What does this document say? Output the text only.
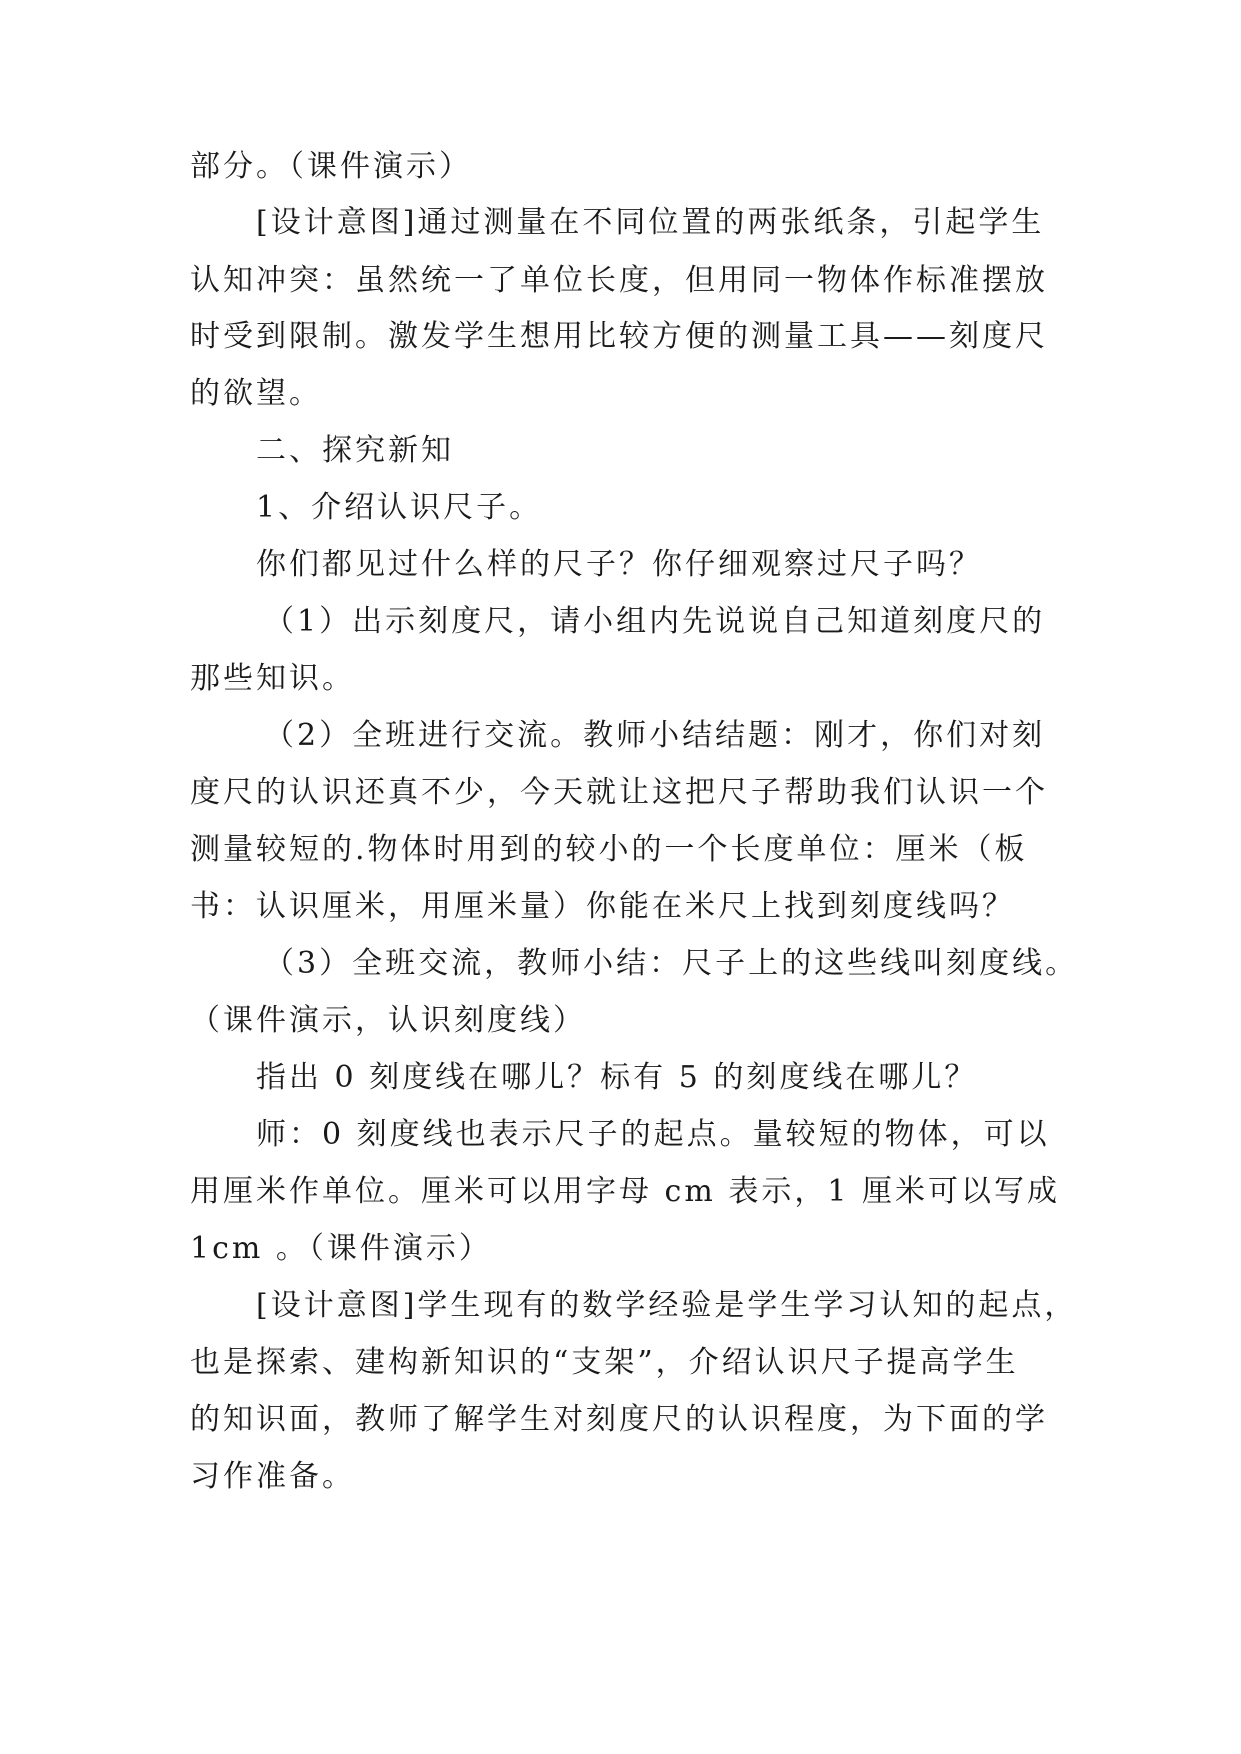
部分。（课件演示）
[设计意图]通过测量在不同位置的两张纸条，引起学生
认知冲突：虽然统一了单位长度，但用同一物体作标准摆放
时受到限制。激发学生想用比较方便的测量工具——刻度尺
的欲望。
二、探究新知
1、介绍认识尺子。
你们都见过什么样的尺子？你仔细观察过尺子吗？
（1）出示刻度尺，请小组内先说说自己知道刻度尺的
那些知识。
（2）全班进行交流。教师小结结题：刚才，你们对刻
度尺的认识还真不少，今天就让这把尺子帮助我们认识一个
测量较短的.物体时用到的较小的一个长度单位：厘米（板
书：认识厘米，用厘米量）你能在米尺上找到刻度线吗？
（3）全班交流，教师小结：尺子上的这些线叫刻度线。
（课件演示，认识刻度线）
指出 0 刻度线在哪儿？标有 5 的刻度线在哪儿？
师：0 刻度线也表示尺子的起点。量较短的物体，可以
用厘米作单位。厘米可以用字母 cm 表示，1 厘米可以写成
1cm 。（课件演示）
[设计意图]学生现有的数学经验是学生学习认知的起点，
也是探索、建构新知识的“支架”，介绍认识尺子提高学生
的知识面，教师了解学生对刻度尺的认识程度，为下面的学
习作准备。
